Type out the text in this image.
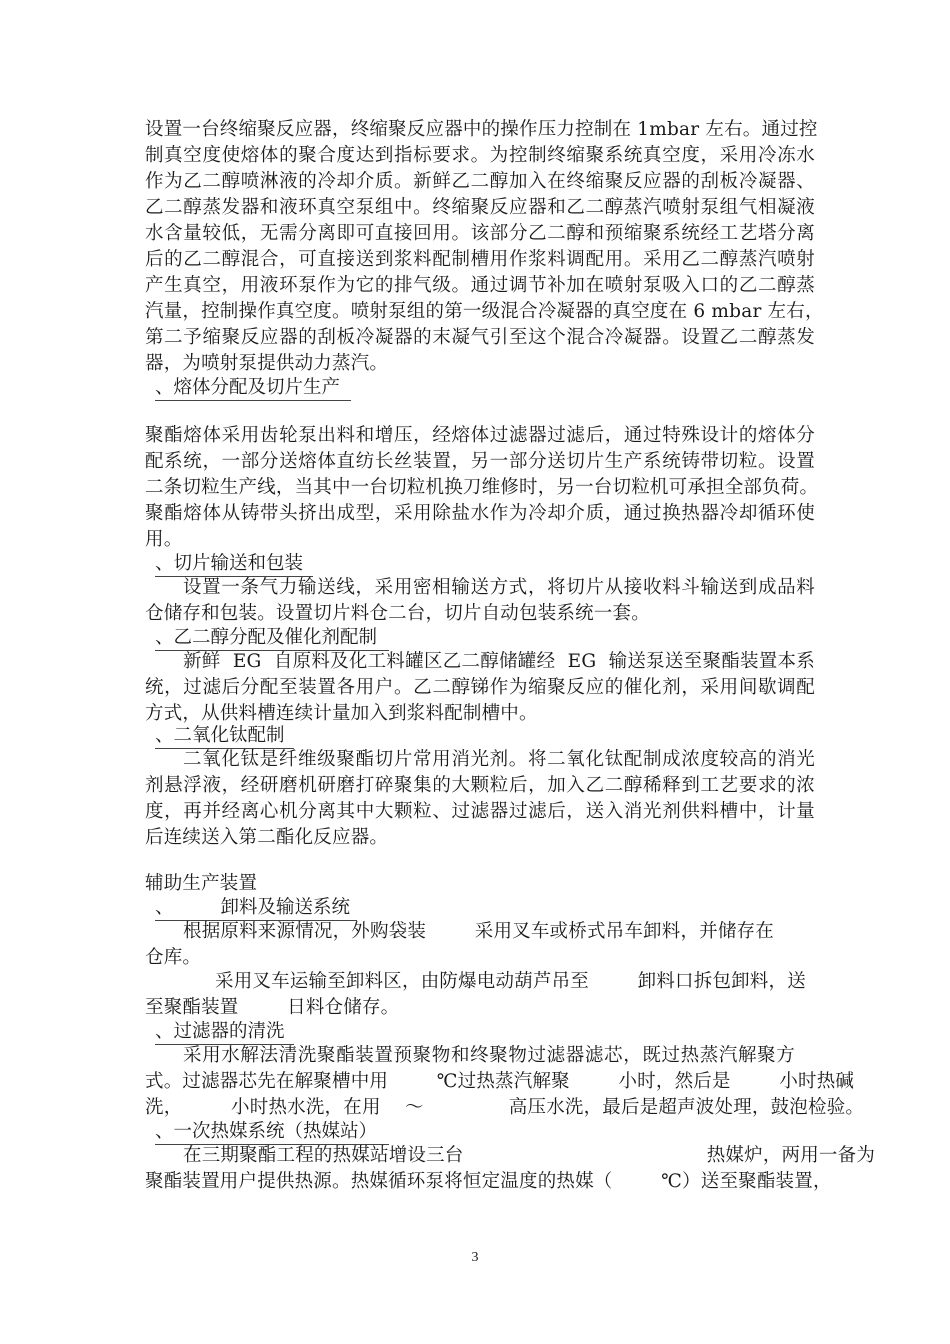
设置一台终缩聚反应器，终缩聚反应器中的操作压力控制在 1mbar 左右。通过控
制真空度使熔体的聚合度达到指标要求。为控制终缩聚系统真空度，采用冷冻水
作为乙二醇喷淋液的冷却介质。新鲜乙二醇加入在终缩聚反应器的刮板冷凝器、
乙二醇蒸发器和液环真空泵组中。终缩聚反应器和乙二醇蒸汽喷射泵组气相凝液
水含量较低，无需分离即可直接回用。该部分乙二醇和预缩聚系统经工艺塔分离
后的乙二醇混合，可直接送到浆料配制槽用作浆料调配用。采用乙二醇蒸汽喷射
产生真空，用液环泵作为它的排气级。通过调节补加在喷射泵吸入口的乙二醇蒸
汽量，控制操作真空度。喷射泵组的第一级混合冷凝器的真空度在 6 mbar 左右，
第二予缩聚反应器的刮板冷凝器的末凝气引至这个混合冷凝器。设置乙二醇蒸发
器，为喷射泵提供动力蒸汽。
、熔体分配及切片生产
聚酯熔体采用齿轮泵出料和增压，经熔体过滤器过滤后，通过特殊设计的熔体分
配系统，一部分送熔体直纺长丝装置，另一部分送切片生产系统铸带切粒。设置
二条切粒生产线，当其中一台切粒机换刀维修时，另一台切粒机可承担全部负荷。
聚酯熔体从铸带头挤出成型，采用除盐水作为冷却介质，通过换热器冷却循环使
用。
、切片输送和包装
设置一条气力输送线，采用密相输送方式，将切片从接收料斗输送到成品料
仓储存和包装。设置切片料仓二台，切片自动包装系统一套。
、乙二醇分配及催化剂配制
新鲜  EG  自原料及化工料罐区乙二醇储罐经  EG  输送泵送至聚酯装置本系
统，过滤后分配至装置各用户。乙二醇锑作为缩聚反应的催化剂，采用间歇调配
方式，从供料槽连续计量加入到浆料配制槽中。
、二氧化钛配制
二氧化钛是纤维级聚酯切片常用消光剂。将二氧化钛配制成浓度较高的消光
剂悬浮液，经研磨机研磨打碎聚集的大颗粒后，加入乙二醇稀释到工艺要求的浓
度，再并经离心机分离其中大颗粒、过滤器过滤后，送入消光剂供料槽中，计量
后连续送入第二酯化反应器。
辅助生产装置
、        卸料及输送系统
根据原料来源情况，外购袋装        采用叉车或桥式吊车卸料，并储存在
仓库。
采用叉车运输至卸料区，由防爆电动葫芦吊至        卸料口拆包卸料，送
至聚酯装置        日料仓储存。
、过滤器的清洗
采用水解法清洗聚酯装置预聚物和终聚物过滤器滤芯，既过热蒸汽解聚方
式。过滤器芯先在解聚槽中用        ℃过热蒸汽解聚        小时，然后是        小时热碱
洗，        小时热水洗，在用    ～              高压水洗，最后是超声波处理，鼓泡检验。
、一次热媒系统（热媒站）
在三期聚酯工程的热媒站增设三台                                        热媒炉，两用一备为
聚酯装置用户提供热源。热媒循环泵将恒定温度的热媒（        ℃）送至聚酯装置，
3
